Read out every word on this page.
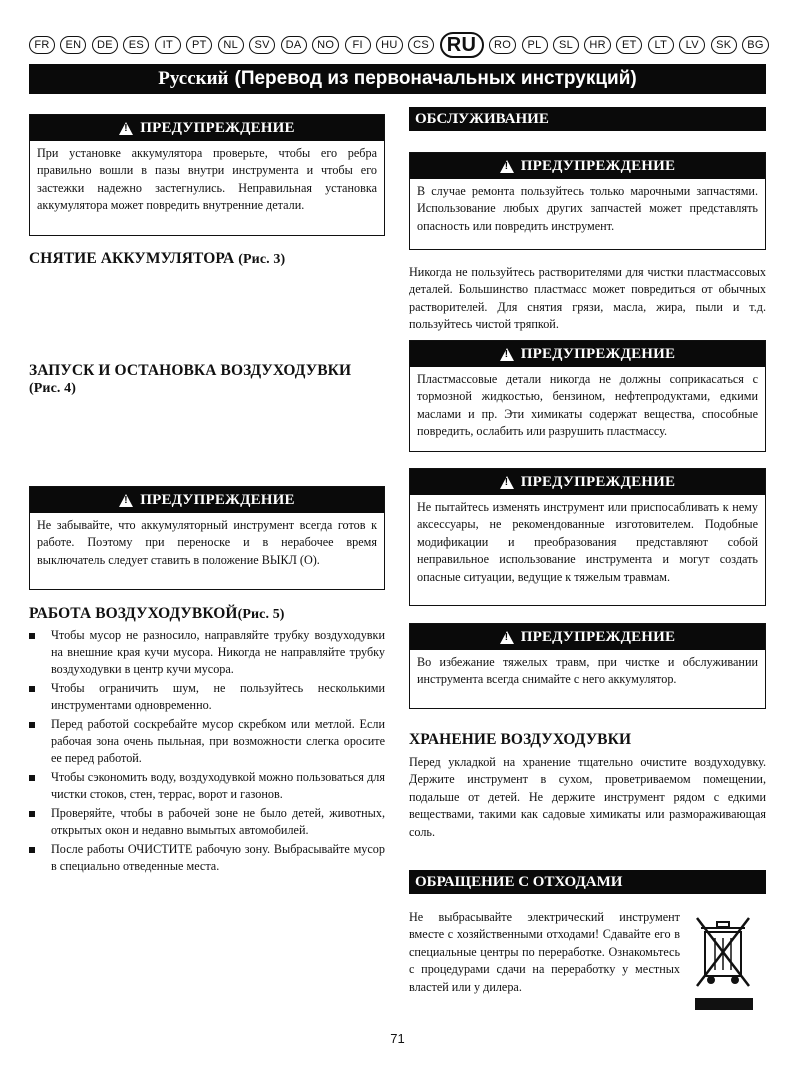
FR	EN	DE	ES	IT	PT	NL	SV	DA	NO	FI	HU	CS RU	RO	PL	SL	HR	ET	LT	LV	SK	BG
Русский (Перевод из первоначальных инструкций)
!
ПРЕДУПРЕЖДЕНИЕ
При установке аккумулятора проверьте, чтобы его ребра правильно вошли в пазы внутри инструмента и чтобы его застежки надежно застегнулись. Неправильная установка аккумулятора может повредить внутренние детали.
СНЯТИЕ АККУМУЛЯТОРА (Рис. 3)
ЗАПУСК И ОСТАНОВКА ВОЗДУХОДУВКИ
(Рис. 4)
!
ПРЕДУПРЕЖДЕНИЕ
Не забывайте, что аккумуляторный инструмент всегда готов к работе. Поэтому при переноске и в нерабочее время выключатель следует ставить в положение ВЫКЛ (O).
РАБОТА ВОЗДУХОДУВКОЙ(Рис. 5)
Чтобы мусор не разносило, направляйте трубку воздуходувки на внешние края кучи мусора. Никогда не направляйте трубку воздуходувки в центр кучи мусора.
Чтобы ограничить шум, не пользуйтесь несколькими инструментами одновременно.
Перед работой соскребайте мусор скребком или метлой. Если рабочая зона очень пыльная, при возможности слегка оросите ее перед работой.
Чтобы сэкономить воду, воздуходувкой можно пользоваться для чистки стоков, стен, террас, ворот и газонов.
Проверяйте, чтобы в рабочей зоне не было детей, животных, открытых окон и недавно вымытых автомобилей.
После работы ОЧИСТИТЕ рабочую зону. Выбрасывайте мусор в специально отведенные места.
ОБСЛУЖИВАНИЕ
!
ПРЕДУПРЕЖДЕНИЕ
В случае ремонта пользуйтесь только марочными запчастями. Использование любых других запчастей может представлять опасность или повредить инструмент.
Никогда не пользуйтесь растворителями для чистки пластмассовых деталей. Большинство пластмасс может повредиться от обычных растворителей. Для снятия грязи, масла, жира, пыли и т.д. пользуйтесь чистой тряпкой.
!
ПРЕДУПРЕЖДЕНИЕ
Пластмассовые детали никогда не должны соприкасаться с тормозной жидкостью, бензином, нефтепродуктами, едкими маслами и пр. Эти химикаты содержат вещества, способные повредить, ослабить или разрушить пластмассу.
!
ПРЕДУПРЕЖДЕНИЕ
Не пытайтесь изменять инструмент или приспосабливать к нему аксессуары, не рекомендованные изготовителем. Подобные модификации и преобразования представляют собой неправильное использование инструмента и могут создать опасные ситуации, ведущие к тяжелым травмам.
!
ПРЕДУПРЕЖДЕНИЕ
Во избежание тяжелых травм, при чистке и обслуживании инструмента всегда снимайте с него аккумулятор.
ХРАНЕНИЕ ВОЗДУХОДУВКИ
Перед укладкой на хранение тщательно очистите воздуходувку. Держите инструмент в сухом, проветриваемом помещении, подальше от детей. Не держите инструмент рядом с едкими веществами, такими как садовые химикаты или размораживающая соль.
ОБРАЩЕНИЕ С ОТХОДАМИ
Не выбрасывайте электрический инструмент вместе с хозяйственными отходами! Сдавайте его в специальные центры по переработке. Ознакомьтесь с процедурами сдачи на переработку у местных властей или у дилера.
71
